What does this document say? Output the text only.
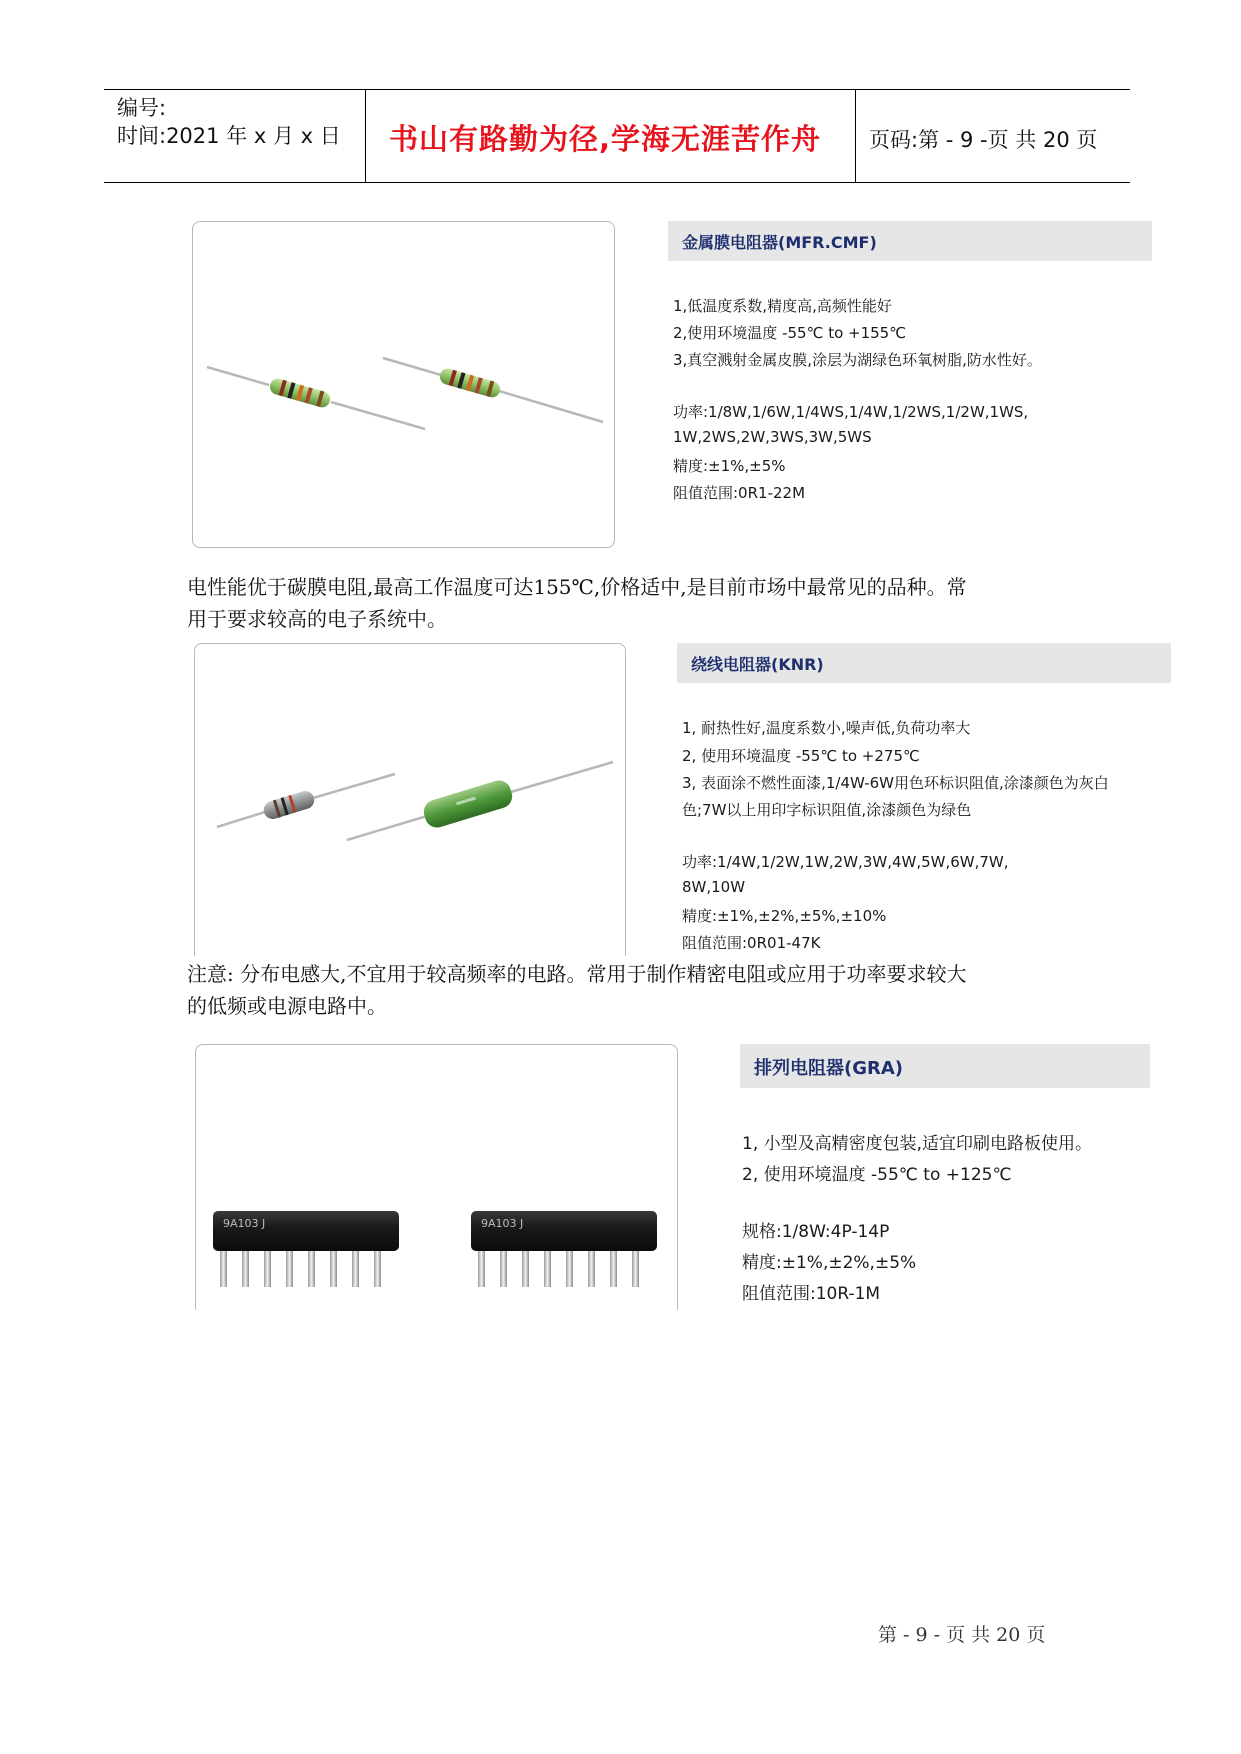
编号:
时间:2021 年 x 月 x 日 书山有路勤为径,学海无涯苦作舟 页码:第 - 9 -页 共 20 页
金属膜电阻器(MFR.CMF)
1,低温度系数,精度高,高频性能好
2,使用环境温度 -55℃ to +155℃
3,真空溅射金属皮膜,涂层为湖绿色环氧树脂,防水性好。
功率:1/8W,1/6W,1/4WS,1/4W,1/2WS,1/2W,1WS,
1W,2WS,2W,3WS,3W,5WS
精度:±1%,±5%
阻值范围:0R1-22M
电性能优于碳膜电阻,最高工作温度可达155℃,价格适中,是目前市场中最常见的品种。常
用于要求较高的电子系统中。
绕线电阻器(KNR)
1, 耐热性好,温度系数小,噪声低,负荷功率大
2, 使用环境温度 -55℃ to +275℃
3, 表面涂不燃性面漆,1/4W-6W用色环标识阻值,涂漆颜色为灰白
色;7W以上用印字标识阻值,涂漆颜色为绿色
功率:1/4W,1/2W,1W,2W,3W,4W,5W,6W,7W,
8W,10W
精度:±1%,±2%,±5%,±10%
阻值范围:0R01-47K
注意: 分布电感大,不宜用于较高频率的电路。常用于制作精密电阻或应用于功率要求较大
的低频或电源电路中。
9A103 J	9A103 J
排列电阻器(GRA)
1, 小型及高精密度包装,适宜印刷电路板使用。
2, 使用环境温度 -55℃ to +125℃
规格:1/8W:4P-14P
精度:±1%,±2%,±5%
阻值范围:10R-1M
第 - 9 - 页 共 20 页
